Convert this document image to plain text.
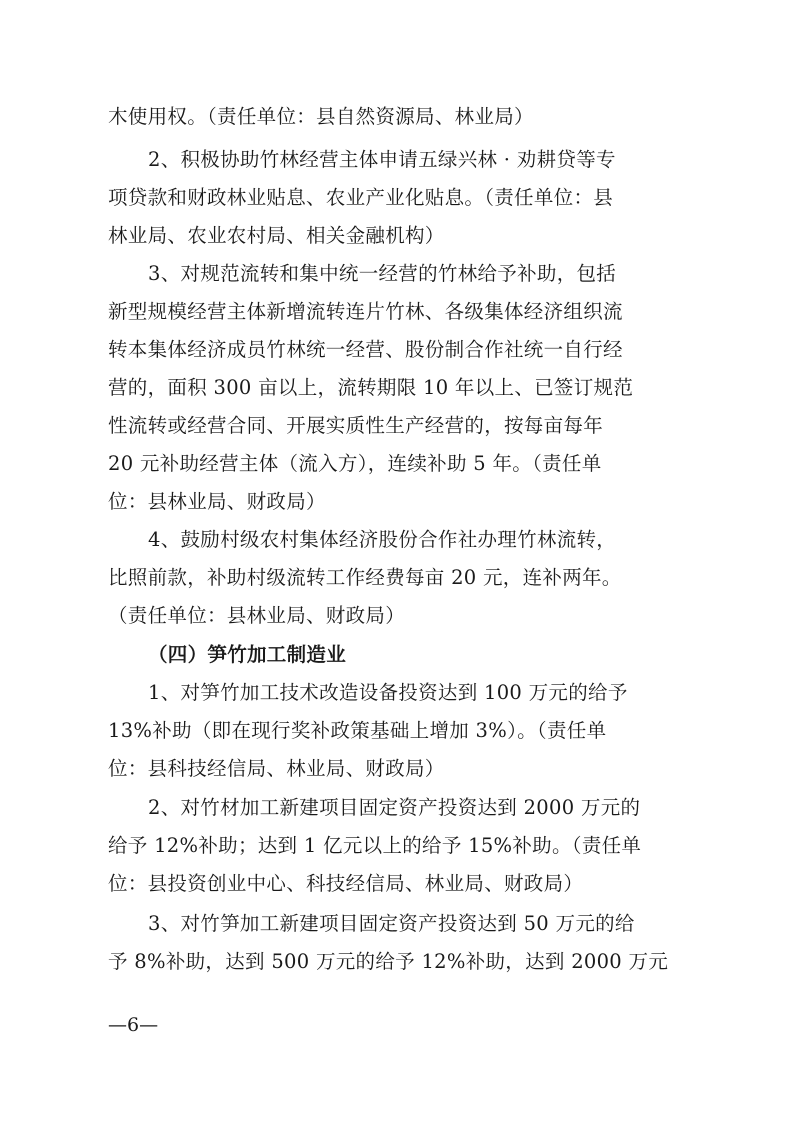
木使用权。（责任单位：县自然资源局、林业局）
2、积极协助竹林经营主体申请五绿兴林 · 劝耕贷等专
项贷款和财政林业贴息、农业产业化贴息。（责任单位：县
林业局、农业农村局、相关金融机构）
3、对规范流转和集中统一经营的竹林给予补助，包括
新型规模经营主体新增流转连片竹林、各级集体经济组织流
转本集体经济成员竹林统一经营、股份制合作社统一自行经
营的，面积 300 亩以上，流转期限 10 年以上、已签订规范
性流转或经营合同、开展实质性生产经营的，按每亩每年
20 元补助经营主体（流入方），连续补助 5 年。（责任单
位：县林业局、财政局）
4、鼓励村级农村集体经济股份合作社办理竹林流转，
比照前款，补助村级流转工作经费每亩 20 元，连补两年。
（责任单位：县林业局、财政局）
（四）笋竹加工制造业
1、对笋竹加工技术改造设备投资达到 100 万元的给予
13%补助（即在现行奖补政策基础上增加 3%）。（责任单
位：县科技经信局、林业局、财政局）
2、对竹材加工新建项目固定资产投资达到 2000 万元的
给予 12%补助；达到 1 亿元以上的给予 15%补助。（责任单
位：县投资创业中心、科技经信局、林业局、财政局）
3、对竹笋加工新建项目固定资产投资达到 50 万元的给
予 8%补助，达到 500 万元的给予 12%补助，达到 2000 万元
—6—
